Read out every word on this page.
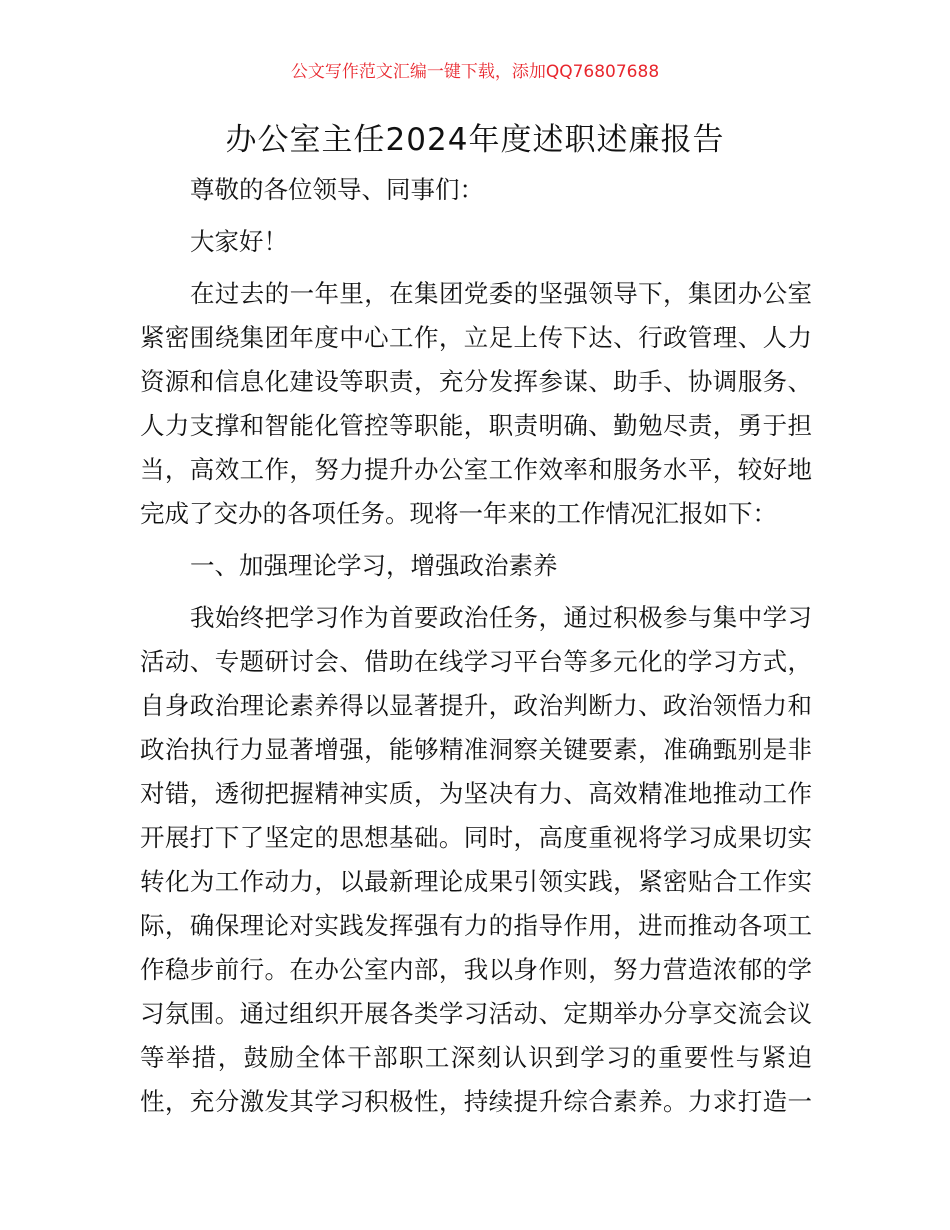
公文写作范文汇编一键下载，添加QQ76807688
办公室主任2024年度述职述廉报告
尊敬的各位领导、同事们：
大家好！
在过去的一年里，在集团党委的坚强领导下，集团办公室
紧密围绕集团年度中心工作，立足上传下达、行政管理、人力
资源和信息化建设等职责，充分发挥参谋、助手、协调服务、
人力支撑和智能化管控等职能，职责明确、勤勉尽责，勇于担
当，高效工作，努力提升办公室工作效率和服务水平，较好地
完成了交办的各项任务。现将一年来的工作情况汇报如下：
一、加强理论学习，增强政治素养
我始终把学习作为首要政治任务，通过积极参与集中学习
活动、专题研讨会、借助在线学习平台等多元化的学习方式，
自身政治理论素养得以显著提升，政治判断力、政治领悟力和
政治执行力显著增强，能够精准洞察关键要素，准确甄别是非
对错，透彻把握精神实质，为坚决有力、高效精准地推动工作
开展打下了坚定的思想基础。同时，高度重视将学习成果切实
转化为工作动力，以最新理论成果引领实践，紧密贴合工作实
际，确保理论对实践发挥强有力的指导作用，进而推动各项工
作稳步前行。在办公室内部，我以身作则，努力营造浓郁的学
习氛围。通过组织开展各类学习活动、定期举办分享交流会议
等举措，鼓励全体干部职工深刻认识到学习的重要性与紧迫
性，充分激发其学习积极性，持续提升综合素养。力求打造一
